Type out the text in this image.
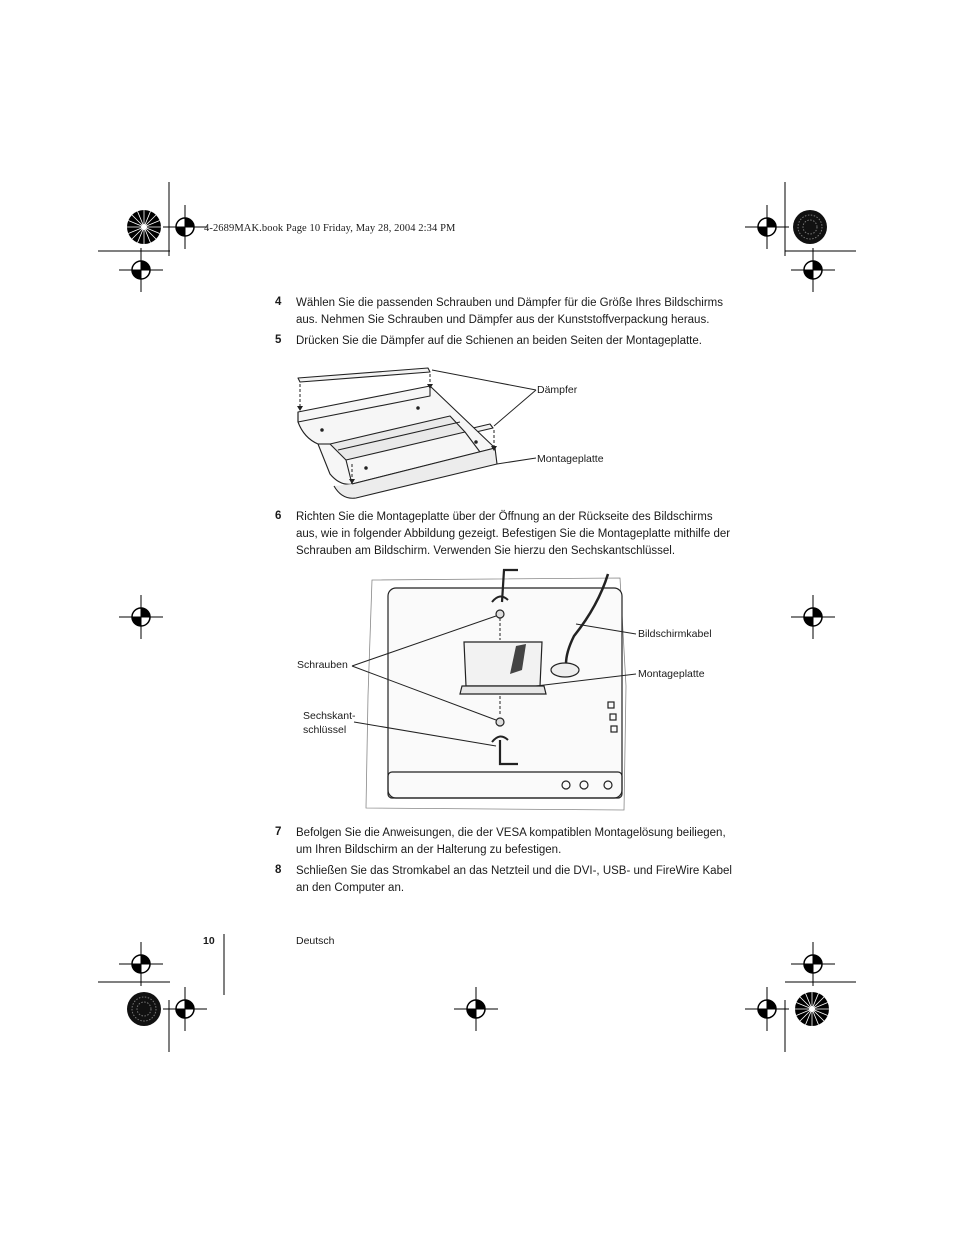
4-2689MAK.book Page 10 Friday, May 28, 2004 2:34 PM
4 Wählen Sie die passenden Schrauben und Dämpfer für die Größe Ihres Bildschirms aus. Nehmen Sie Schrauben und Dämpfer aus der Kunststoffverpackung heraus.
5 Drücken Sie die Dämpfer auf die Schienen an beiden Seiten der Montageplatte.
Dämpfer
Montageplatte
6 Richten Sie die Montageplatte über der Öffnung an der Rückseite des Bildschirms aus, wie in folgender Abbildung gezeigt. Befestigen Sie die Montageplatte mithilfe der Schrauben am Bildschirm. Verwenden Sie hierzu den Sechskantschlüssel.
Bildschirmkabel
Montageplatte
Schrauben
Sechskant-
schlüssel
7 Befolgen Sie die Anweisungen, die der VESA kompatiblen Montagelösung beiliegen, um Ihren Bildschirm an der Halterung zu befestigen.
8 Schließen Sie das Stromkabel an das Netzteil und die DVI-, USB- und FireWire Kabel an den Computer an.
10	Deutsch
